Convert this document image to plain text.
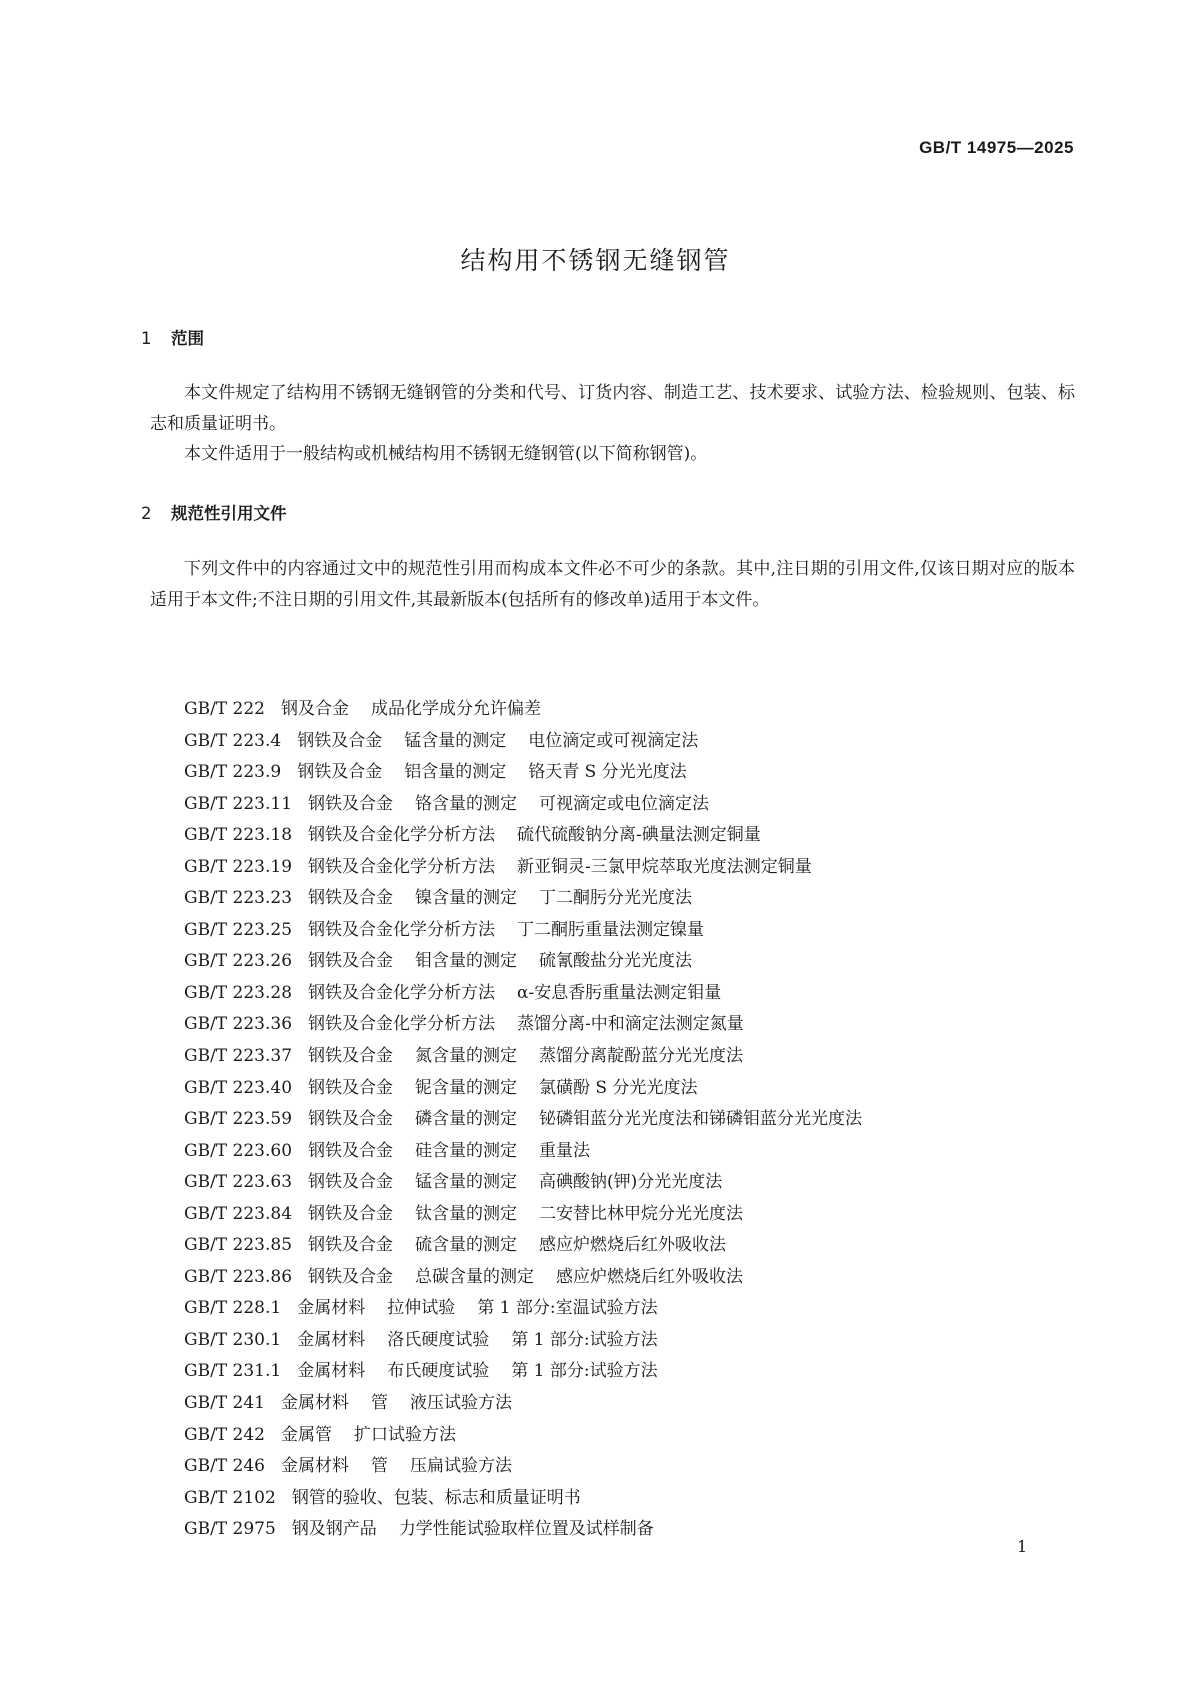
GB/T 14975—2025
结构用不锈钢无缝钢管
1 范围

本文件规定了结构用不锈钢无缝钢管的分类和代号、订货内容、制造工艺、技术要求、试验方法、检验规则、包装、标志和质量证明书。

本文件适用于一般结构或机械结构用不锈钢无缝钢管(以下简称钢管)。

2 规范性引用文件

下列文件中的内容通过文中的规范性引用而构成本文件必不可少的条款。其中,注日期的引用文件,仅该日期对应的版本适用于本文件;不注日期的引用文件,其最新版本(包括所有的修改单)适用于本文件。

GB/T 222 钢及合金 成品化学成分允许偏差
GB/T 223.4 钢铁及合金 锰含量的测定 电位滴定或可视滴定法
GB/T 223.9 钢铁及合金 铝含量的测定 铬天青 S 分光光度法
GB/T 223.11 钢铁及合金 铬含量的测定 可视滴定或电位滴定法
GB/T 223.18 钢铁及合金化学分析方法 硫代硫酸钠分离-碘量法测定铜量
GB/T 223.19 钢铁及合金化学分析方法 新亚铜灵-三氯甲烷萃取光度法测定铜量
GB/T 223.23 钢铁及合金 镍含量的测定 丁二酮肟分光光度法
GB/T 223.25 钢铁及合金化学分析方法 丁二酮肟重量法测定镍量
GB/T 223.26 钢铁及合金 钼含量的测定 硫氰酸盐分光光度法
GB/T 223.28 钢铁及合金化学分析方法 α-安息香肟重量法测定钼量
GB/T 223.36 钢铁及合金化学分析方法 蒸馏分离-中和滴定法测定氮量
GB/T 223.37 钢铁及合金 氮含量的测定 蒸馏分离靛酚蓝分光光度法
GB/T 223.40 钢铁及合金 铌含量的测定 氯磺酚 S 分光光度法
GB/T 223.59 钢铁及合金 磷含量的测定 铋磷钼蓝分光光度法和锑磷钼蓝分光光度法
GB/T 223.60 钢铁及合金 硅含量的测定 重量法
GB/T 223.63 钢铁及合金 锰含量的测定 高碘酸钠(钾)分光光度法
GB/T 223.84 钢铁及合金 钛含量的测定 二安替比林甲烷分光光度法
GB/T 223.85 钢铁及合金 硫含量的测定 感应炉燃烧后红外吸收法
GB/T 223.86 钢铁及合金 总碳含量的测定 感应炉燃烧后红外吸收法
GB/T 228.1 金属材料 拉伸试验 第 1 部分:室温试验方法
GB/T 230.1 金属材料 洛氏硬度试验 第 1 部分:试验方法
GB/T 231.1 金属材料 布氏硬度试验 第 1 部分:试验方法
GB/T 241 金属材料 管 液压试验方法
GB/T 242 金属管 扩口试验方法
GB/T 246 金属材料 管 压扁试验方法
GB/T 2102 钢管的验收、包装、标志和质量证明书
GB/T 2975 钢及钢产品 力学性能试验取样位置及试样制备
1
